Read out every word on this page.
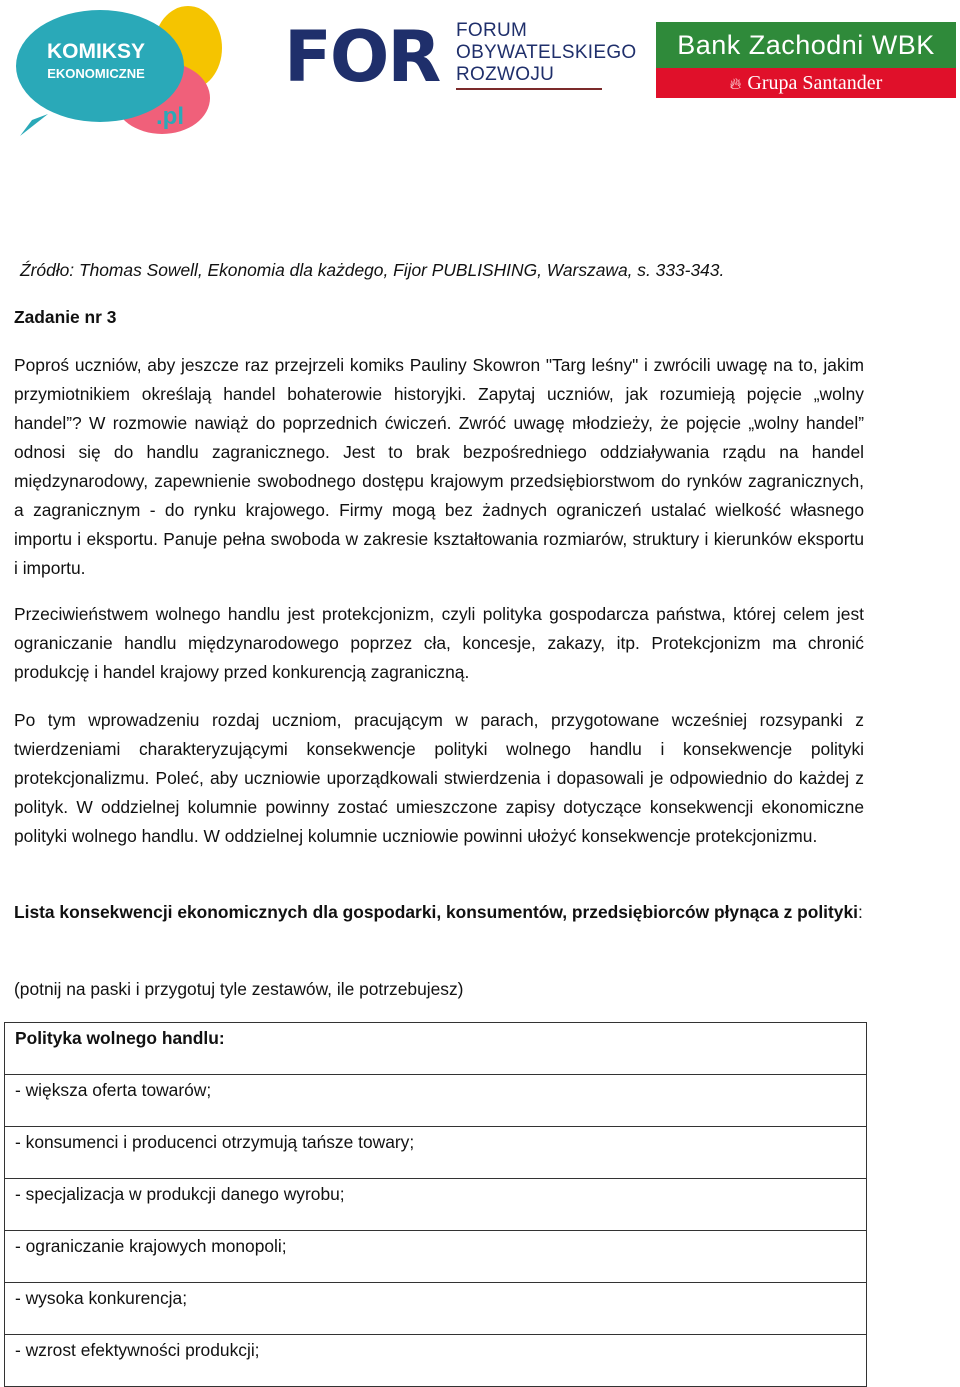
KOMIKSY
EKONOMICZNE
.pl
FOR FORUM
OBYWATELSKIEGO
ROZWOJU
Bank Zachodni WBK
🔥︎ Grupa Santander
Źródło: Thomas Sowell, Ekonomia dla każdego, Fijor PUBLISHING, Warszawa, s. 333-343.
Zadanie nr 3

Poproś uczniów, aby jeszcze raz przejrzeli komiks Pauliny Skowron "Targ leśny" i zwrócili uwagę na to, jakim przymiotnikiem określają handel bohaterowie historyjki. Zapytaj uczniów, jak rozumieją pojęcie „wolny handel”? W rozmowie nawiąż do poprzednich ćwiczeń. Zwróć uwagę młodzieży, że pojęcie „wolny handel” odnosi się do handlu zagranicznego. Jest to brak bezpośredniego oddziaływania rządu na handel międzynarodowy, zapewnienie swobodnego dostępu krajowym przedsiębiorstwom do rynków zagranicznych, a zagranicznym - do rynku krajowego. Firmy mogą bez żadnych ograniczeń ustalać wielkość własnego importu i eksportu. Panuje pełna swoboda w zakresie kształtowania rozmiarów, struktury i kierunków eksportu i importu.

Przeciwieństwem wolnego handlu jest protekcjonizm, czyli polityka gospodarcza państwa, której celem jest ograniczanie handlu międzynarodowego poprzez cła, koncesje, zakazy, itp. Protekcjonizm ma chronić produkcję i handel krajowy przed konkurencją zagraniczną.

Po tym wprowadzeniu rozdaj uczniom, pracującym w parach, przygotowane wcześniej rozsypanki z twierdzeniami charakteryzującymi konsekwencje polityki wolnego handlu i konsekwencje polityki protekcjonalizmu. Poleć, aby uczniowie uporządkowali stwierdzenia i dopasowali je odpowiednio do każdej z polityk. W oddzielnej kolumnie powinny zostać umieszczone zapisy dotyczące konsekwencji ekonomiczne polityki wolnego handlu. W oddzielnej kolumnie uczniowie powinni ułożyć konsekwencje protekcjonizmu.

Lista konsekwencji ekonomicznych dla gospodarki, konsumentów, przedsiębiorców płynąca z polityki:

(potnij na paski i przygotuj tyle zestawów, ile potrzebujesz)

Polityka wolnego handlu:
- większa oferta towarów;
- konsumenci i producenci otrzymują tańsze towary;
- specjalizacja w produkcji danego wyrobu;
- ograniczanie krajowych monopoli;
- wysoka konkurencja;
- wzrost efektywności produkcji;
